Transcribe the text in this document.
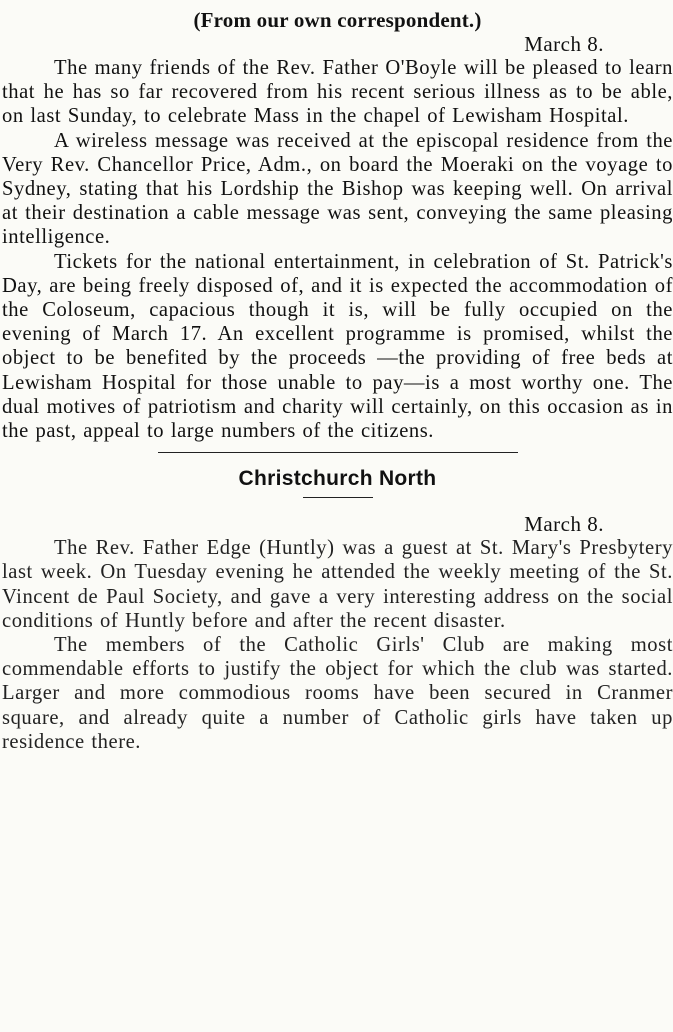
(From our own correspondent.)

March 8.

The many friends of the Rev. Father O'Boyle will be pleased to learn that he has so far recovered from his recent serious illness as to be able, on last Sunday, to celebrate Mass in the chapel of Lewisham Hospital.

A wireless message was received at the episcopal residence from the Very Rev. Chancellor Price, Adm., on board the Moeraki on the voyage to Sydney, stating that his Lordship the Bishop was keeping well. On arrival at their destination a cable message was sent, conveying the same pleasing intelligence.

Tickets for the national entertainment, in celebration of St. Patrick's Day, are being freely disposed of, and it is expected the accommodation of the Coloseum, capacious though it is, will be fully occupied on the evening of March 17. An excellent programme is promised, whilst the object to be benefited by the proceeds —the providing of free beds at Lewisham Hospital for those unable to pay—is a most worthy one. The dual motives of patriotism and charity will certainly, on this occasion as in the past, appeal to large numbers of the citizens.

Christchurch North

March 8.

The Rev. Father Edge (Huntly) was a guest at St. Mary's Presbytery last week. On Tuesday evening he attended the weekly meeting of the St. Vincent de Paul Society, and gave a very interesting address on the social conditions of Huntly before and after the recent disaster.

The members of the Catholic Girls' Club are making most commendable efforts to justify the object for which the club was started. Larger and more commodious rooms have been secured in Cranmer square, and already quite a number of Catholic girls have taken up residence there.
